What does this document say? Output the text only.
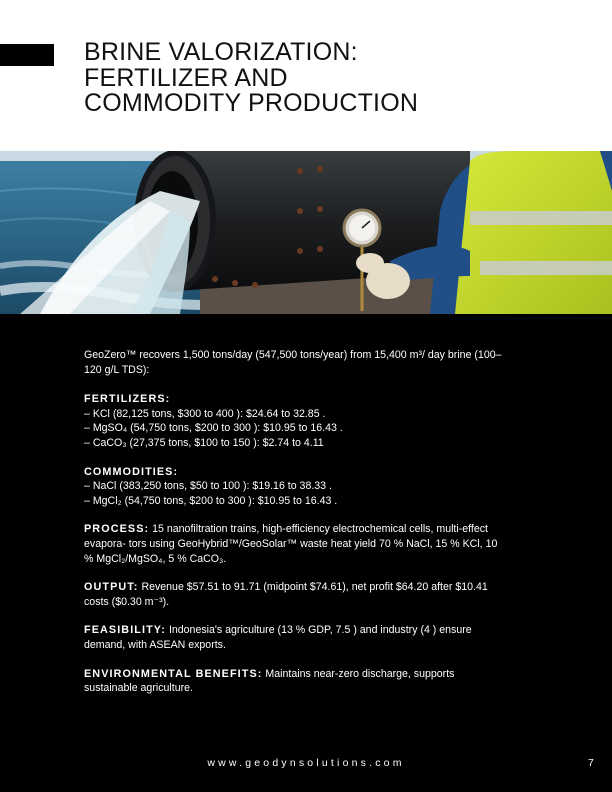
BRINE VALORIZATION:
FERTILIZER AND
COMMODITY PRODUCTION

GeoZero™ recovers 1,500 tons/day (547,500 tons/year) from 15,400 m³/ day brine (100–120 g/L TDS):

FERTILIZERS:
– KCl (82,125 tons, $300 to 400 ): $24.64 to 32.85 .
– MgSO₄ (54,750 tons, $200 to 300 ): $10.95 to 16.43 .
– CaCO₃ (27,375 tons, $100 to 150 ): $2.74 to 4.11
COMMODITIES:
– NaCl (383,250 tons, $50 to 100 ): $19.16 to 38.33 .
– MgCl₂ (54,750 tons, $200 to 300 ): $10.95 to 16.43 .
PROCESS: 15 nanofiltration trains, high-efficiency electrochemical cells, multi-effect evapora- tors using GeoHybrid™/GeoSolar™ waste heat yield 70 % NaCl, 15 % KCl, 10 % MgCl₂/MgSO₄, 5 % CaCO₃.
OUTPUT: Revenue $57.51 to 91.71 (midpoint $74.61), net profit $64.20 after $10.41 costs ($0.30 m⁻³).
FEASIBILITY: Indonesia's agriculture (13 % GDP, 7.5 ) and industry (4 ) ensure demand, with ASEAN exports.
ENVIRONMENTAL BENEFITS: Maintains near-zero discharge, supports sustainable agriculture.
www.geodynsolutions.com	7
